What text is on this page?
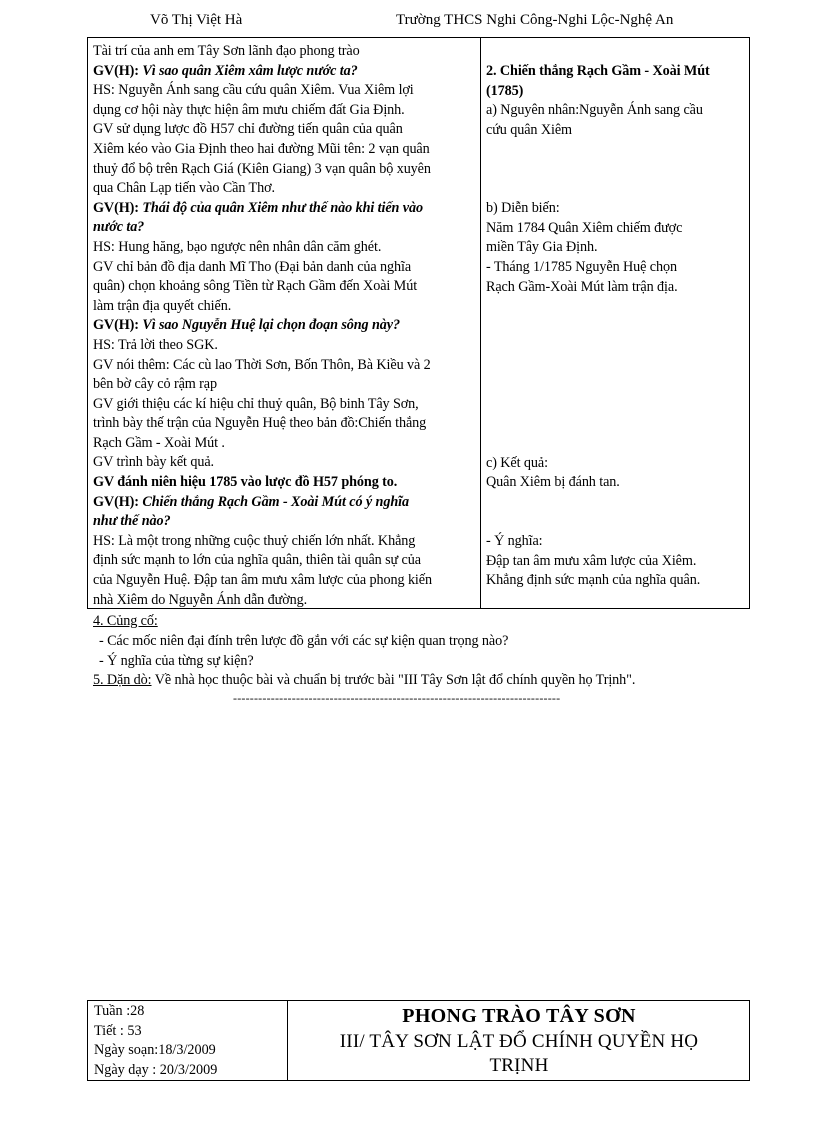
Võ Thị Việt Hà	Trường THCS Nghi Công-Nghi Lộc-Nghệ An
Tài trí của anh em Tây Sơn lãnh đạo phong trào
GV(H): Vì sao quân Xiêm xâm lược nước ta?
HS: Nguyễn Ánh sang cầu cứu quân Xiêm. Vua Xiêm lợi
dụng cơ hội này thực hiện âm mưu chiếm đất Gia Định.
GV sử dụng lược đồ H57 chỉ đường tiến quân của quân
Xiêm kéo vào Gia Định theo hai đường Mũi tên: 2 vạn quân
thuỷ đổ bộ trên Rạch Giá (Kiên Giang) 3 vạn quân bộ xuyên
qua Chân Lạp tiến vào Cần Thơ.
GV(H): Thái độ của quân Xiêm như thế nào khi tiến vào
nước ta?
HS: Hung hăng, bạo ngược nên nhân dân căm ghét.
GV chỉ bản đồ địa danh Mĩ Tho (Đại bản danh của nghĩa
quân) chọn khoảng sông Tiền từ Rạch Gầm đến Xoài Mút
làm trận địa quyết chiến.
GV(H): Vì sao Nguyễn Huệ lại chọn đoạn sông này?
HS: Trả lời theo SGK.
GV nói thêm: Các cù lao Thời Sơn, Bốn Thôn, Bà Kiều và 2
bên bờ cây cỏ rậm rạp
GV giới thiệu các kí hiệu chỉ thuỷ quân, Bộ binh Tây Sơn,
trình bày thế trận của Nguyễn Huệ theo bản đồ:Chiến thắng
Rạch Gầm - Xoài Mút .
GV trình bày kết quả.
GV đánh niên hiệu 1785 vào lược đồ H57 phóng to.
GV(H): Chiến thắng Rạch Gầm - Xoài Mút có ý nghĩa
như thế nào?
HS: Là một trong những cuộc thuỷ chiến lớn nhất. Khẳng
định sức mạnh to lớn của nghĩa quân, thiên tài quân sự của
của Nguyễn Huệ. Đập tan âm mưu xâm lược của phong kiến
nhà Xiêm do Nguyễn Ánh dẫn đường.
2. Chiến thắng Rạch Gầm - Xoài Mút
(1785)
a) Nguyên nhân:Nguyễn Ánh sang cầu
cứu quân Xiêm
b) Diễn biến:
Năm 1784 Quân Xiêm chiếm được
miền Tây Gia Định.
- Tháng 1/1785 Nguyễn Huệ chọn
Rạch Gầm-Xoài Mút làm trận địa.
c) Kết quả:
Quân Xiêm bị đánh tan.
- Ý nghĩa:
Đập tan âm mưu xâm lược của Xiêm.
Khẳng định sức mạnh của nghĩa quân.
4. Củng cố:
- Các mốc niên đại đính trên lược đồ gắn với các sự kiện quan trọng nào?
- Ý nghĩa của từng sự kiện?
5. Dặn dò: Về nhà học thuộc bài và chuẩn bị trước bài "III Tây Sơn lật đổ chính quyền họ Trịnh".
------------------------------------------------------------------------------
Tuần :28
Tiết : 53
Ngày soạn:18/3/2009
Ngày dạy : 20/3/2009
PHONG TRÀO TÂY SƠN
III/ TÂY SƠN LẬT ĐỔ CHÍNH QUYỀN HỌ
TRỊNH
